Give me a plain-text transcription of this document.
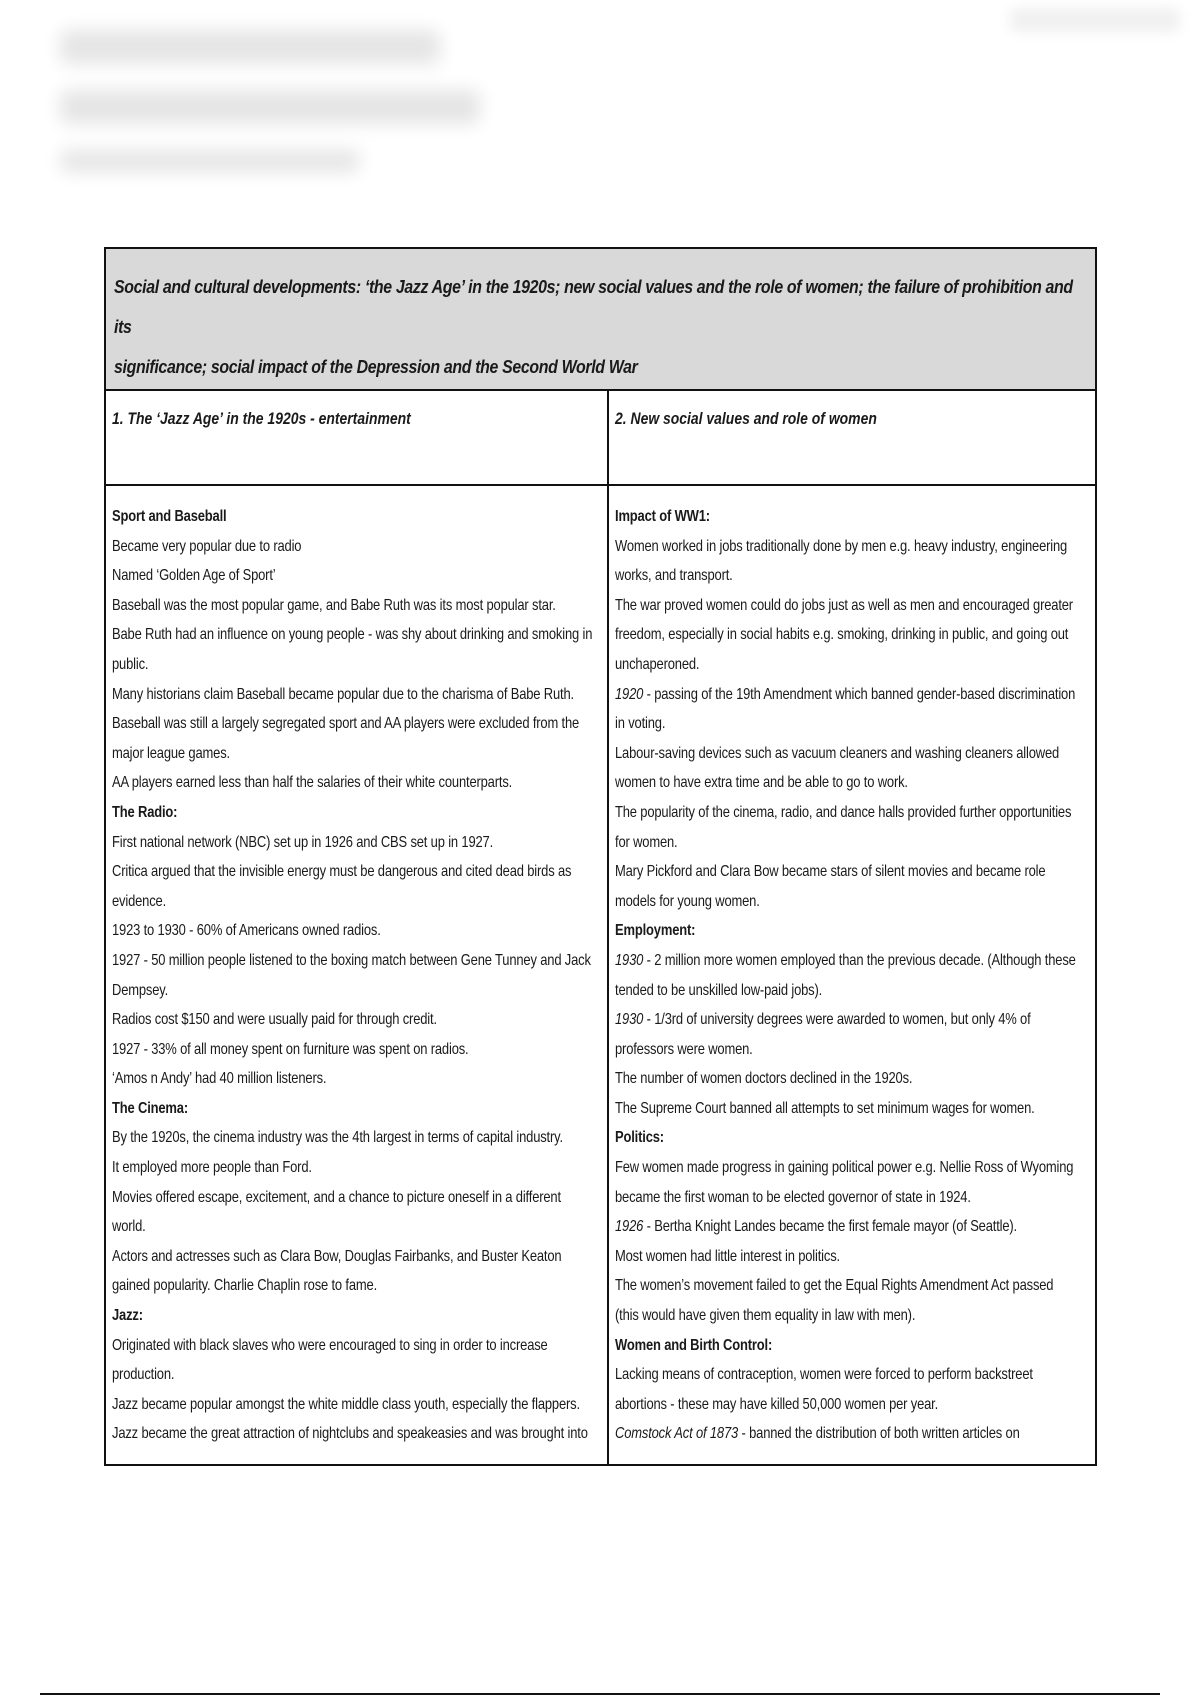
Social and cultural developments: ‘the Jazz Age’ in the 1920s; new social values and the role of women; the failure of prohibition and its

significance; social impact of the Depression and the Second World War

1. The ‘Jazz Age’ in the 1920s - entertainment	2. New social values and role of women

Sport and Baseball
Became very popular due to radio
Named ‘Golden Age of Sport’
Baseball was the most popular game, and Babe Ruth was its most popular star.
Babe Ruth had an influence on young people - was shy about drinking and smoking in
public.
Many historians claim Baseball became popular due to the charisma of Babe Ruth.
Baseball was still a largely segregated sport and AA players were excluded from the
major league games.
AA players earned less than half the salaries of their white counterparts.
The Radio:
First national network (NBC) set up in 1926 and CBS set up in 1927.
Critica argued that the invisible energy must be dangerous and cited dead birds as
evidence.
1923 to 1930 - 60% of Americans owned radios.
1927 - 50 million people listened to the boxing match between Gene Tunney and Jack
Dempsey.
Radios cost $150 and were usually paid for through credit.
1927 - 33% of all money spent on furniture was spent on radios.
‘Amos n Andy’ had 40 million listeners.
The Cinema:
By the 1920s, the cinema industry was the 4th largest in terms of capital industry.
It employed more people than Ford.
Movies offered escape, excitement, and a chance to picture oneself in a different
world.
Actors and actresses such as Clara Bow, Douglas Fairbanks, and Buster Keaton
gained popularity. Charlie Chaplin rose to fame.
Jazz:
Originated with black slaves who were encouraged to sing in order to increase
production.
Jazz became popular amongst the white middle class youth, especially the flappers.
Jazz became the great attraction of nightclubs and speakeasies and was brought into
Impact of WW1:
Women worked in jobs traditionally done by men e.g. heavy industry, engineering
works, and transport.
The war proved women could do jobs just as well as men and encouraged greater
freedom, especially in social habits e.g. smoking, drinking in public, and going out
unchaperoned.
1920 - passing of the 19th Amendment which banned gender-based discrimination
in voting.
Labour-saving devices such as vacuum cleaners and washing cleaners allowed
women to have extra time and be able to go to work.
The popularity of the cinema, radio, and dance halls provided further opportunities
for women.
Mary Pickford and Clara Bow became stars of silent movies and became role
models for young women.
Employment:
1930 - 2 million more women employed than the previous decade. (Although these
tended to be unskilled low-paid jobs).
1930 - 1/3rd of university degrees were awarded to women, but only 4% of
professors were women.
The number of women doctors declined in the 1920s.
The Supreme Court banned all attempts to set minimum wages for women.
Politics:
Few women made progress in gaining political power e.g. Nellie Ross of Wyoming
became the first woman to be elected governor of state in 1924.
1926 - Bertha Knight Landes became the first female mayor (of Seattle).
Most women had little interest in politics.
The women’s movement failed to get the Equal Rights Amendment Act passed
(this would have given them equality in law with men).
Women and Birth Control:
Lacking means of contraception, women were forced to perform backstreet
abortions - these may have killed 50,000 women per year.
Comstock Act of 1873 - banned the distribution of both written articles on
